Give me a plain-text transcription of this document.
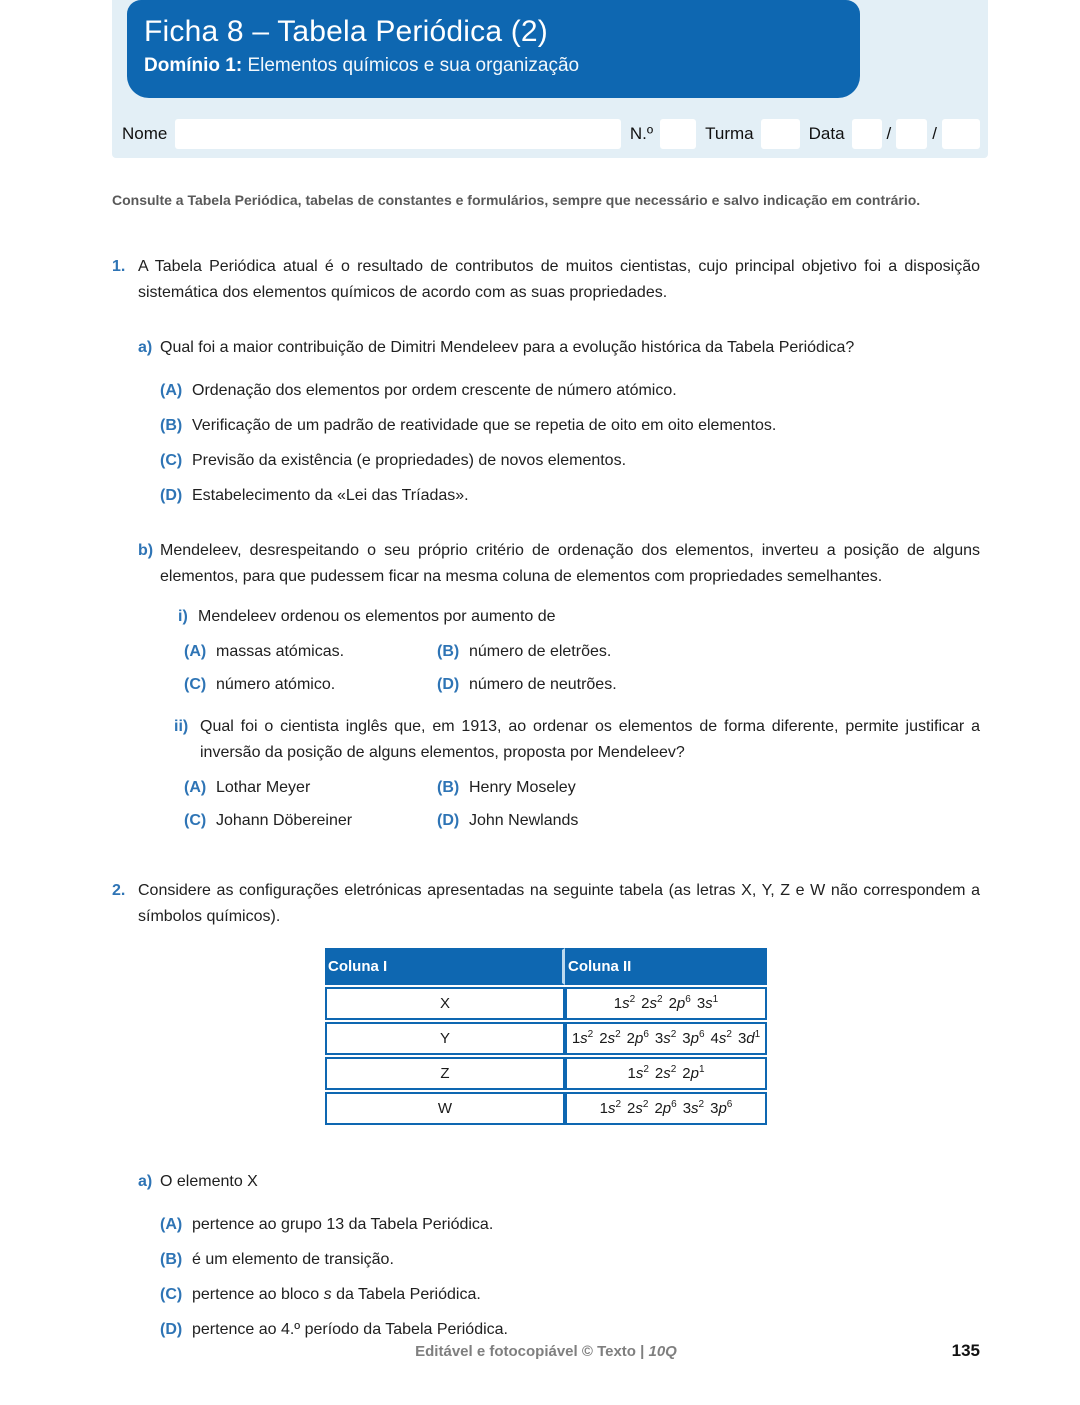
Ficha 8 – Tabela Periódica (2)
Domínio 1: Elementos químicos e sua organização
Nome	N.º	Turma	Data / /
Consulte a Tabela Periódica, tabelas de constantes e formulários, sempre que necessário e salvo indicação em contrário.
1. A Tabela Periódica atual é o resultado de contributos de muitos cientistas, cujo principal objetivo foi a disposição sistemática dos elementos químicos de acordo com as suas propriedades.
a) Qual foi a maior contribuição de Dimitri Mendeleev para a evolução histórica da Tabela Periódica?
(A) Ordenação dos elementos por ordem crescente de número atómico.
(B) Verificação de um padrão de reatividade que se repetia de oito em oito elementos.
(C) Previsão da existência (e propriedades) de novos elementos.
(D) Estabelecimento da «Lei das Tríadas».
b) Mendeleev, desrespeitando o seu próprio critério de ordenação dos elementos, inverteu a posição de alguns elementos, para que pudessem ficar na mesma coluna de elementos com propriedades semelhantes.
i) Mendeleev ordenou os elementos por aumento de
(A) massas atómicas.	(B) número de eletrões.
(C) número atómico.	(D) número de neutrões.
ii) Qual foi o cientista inglês que, em 1913, ao ordenar os elementos de forma diferente, permite justificar a inversão da posição de alguns elementos, proposta por Mendeleev?
(A) Lothar Meyer	(B) Henry Moseley
(C) Johann Döbereiner	(D) John Newlands
2. Considere as configurações eletrónicas apresentadas na seguinte tabela (as letras X, Y, Z e W não correspondem a símbolos químicos).
Coluna I	Coluna II
X	$1s^2$ $2s^2$ $2p^6$ $3s^1$
Y	$1s^2$ $2s^2$ $2p^6$ $3s^2$ $3p^6$ $4s^2$ $3d^1$
Z	$1s^2$ $2s^2$ $2p^1$
W	$1s^2$ $2s^2$ $2p^6$ $3s^2$ $3p^6$
a) O elemento X
(A) pertence ao grupo 13 da Tabela Periódica.
(B) é um elemento de transição.
(C) pertence ao bloco s da Tabela Periódica.
(D) pertence ao 4.º período da Tabela Periódica.
Editável e fotocopiável © Texto | 10Q	135
